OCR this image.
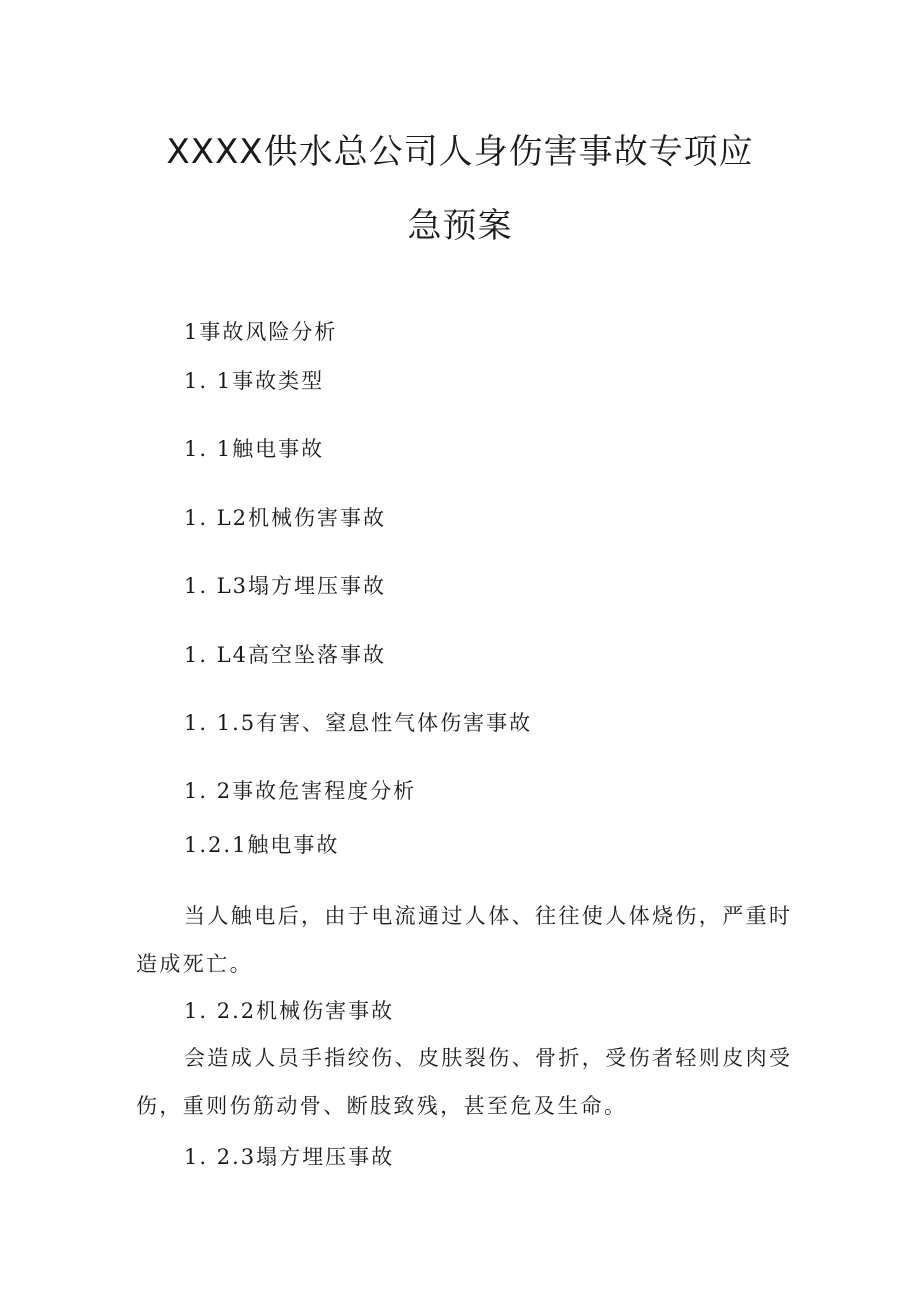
XXXX供水总公司人身伤害事故专项应
急预案

1事故风险分析

1. 1事故类型

1. 1触电事故

1. L2机械伤害事故

1. L3塌方埋压事故

1. L4高空坠落事故

1. 1.5有害、窒息性气体伤害事故

1. 2事故危害程度分析

1.2.1触电事故

当人触电后，由于电流通过人体、往往使人体烧伤，严重时
造成死亡。

1. 2.2机械伤害事故

会造成人员手指绞伤、皮肤裂伤、骨折，受伤者轻则皮肉受
伤，重则伤筋动骨、断肢致残，甚至危及生命。

1. 2.3塌方埋压事故
